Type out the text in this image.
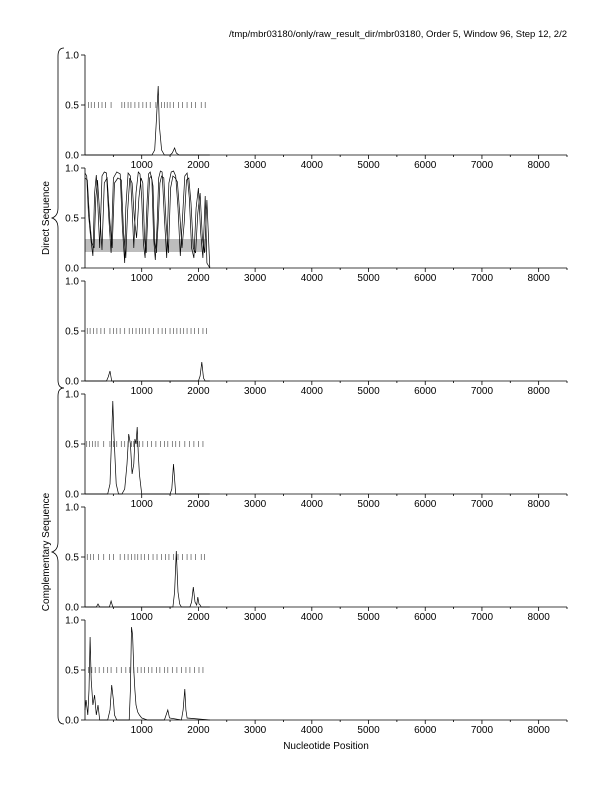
/tmp/mbr03180/only/raw_result_dir/mbr03180, Order 5, Window 96, Step 12, 2/2
Nucleotide Position
Direct Sequence
Complementary Sequence
0.0
0.5
1.0
1000	2000	3000	4000	5000	6000	7000	8000
0.0
0.5
1.0
1000	2000	3000	4000	5000	6000	7000	8000
0.0
0.5
1.0
1000	2000	3000	4000	5000	6000	7000	8000
0.0
0.5
1.0
1000	2000	3000	4000	5000	6000	7000	8000
0.0
0.5
1.0
1000	2000	3000	4000	5000	6000	7000	8000
0.0
0.5
1.0
1000	2000	3000	4000	5000	6000	7000	8000
